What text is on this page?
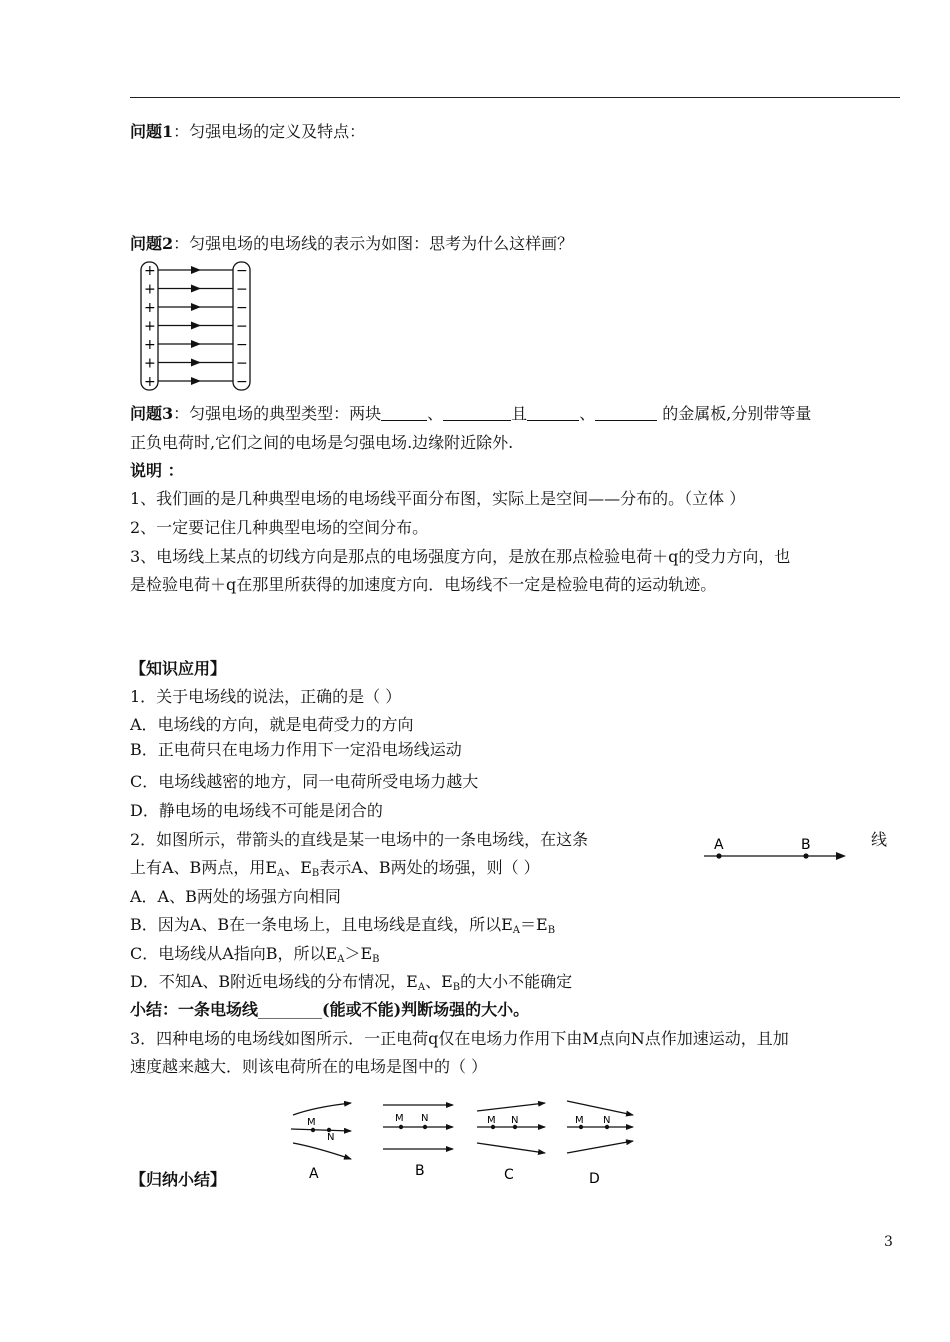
问题1：匀强电场的定义及特点：
问题2：匀强电场的电场线的表示为如图：思考为什么这样画？
+	−
+	−
+	−
+	−
+	−
+	−
+	−
问题3：匀强电场的典型类型：两块	、	且	、	的金属板,分别带等量
正负电荷时,它们之间的电场是匀强电场.边缘附近除外.
说明 ：
1、我们画的是几种典型电场的电场线平面分布图，实际上是空间——分布的。（立体 ）
2、一定要记住几种典型电场的空间分布。
3、电场线上某点的切线方向是那点的电场强度方向，是放在那点检验电荷＋q的受力方向，也
是检验电荷＋q在那里所获得的加速度方向．电场线不一定是检验电荷的运动轨迹。
【知识应用】
1．关于电场线的说法，正确的是（ ）
A．电场线的方向，就是电荷受力的方向
B．正电荷只在电场力作用下一定沿电场线运动
C．电场线越密的地方，同一电荷所受电场力越大
D．静电场的电场线不可能是闭合的
2．如图所示，带箭头的直线是某一电场中的一条电场线，在这条	线
A	B
上有A、B两点，用$E_A$、$E_B$表示A、B两处的场强，则（ ）
A．A、B两处的场强方向相同
B．因为A、B在一条电场上，且电场线是直线，所以$E_A=E_B$
C．电场线从A指向B，所以$E_A>E_B$
D．不知A、B附近电场线的分布情况，$E_A$、$E_B$的大小不能确定
小结：一条电场线________(能或不能)判断场强的大小。
3．四种电场的电场线如图所示．一正电荷q仅在电场力作用下由M点向N点作加速运动，且加
速度越来越大．则该电荷所在的电场是图中的（ ）
M
N
A
M N
B
M N
C
M N
D
【归纳小结】
3
